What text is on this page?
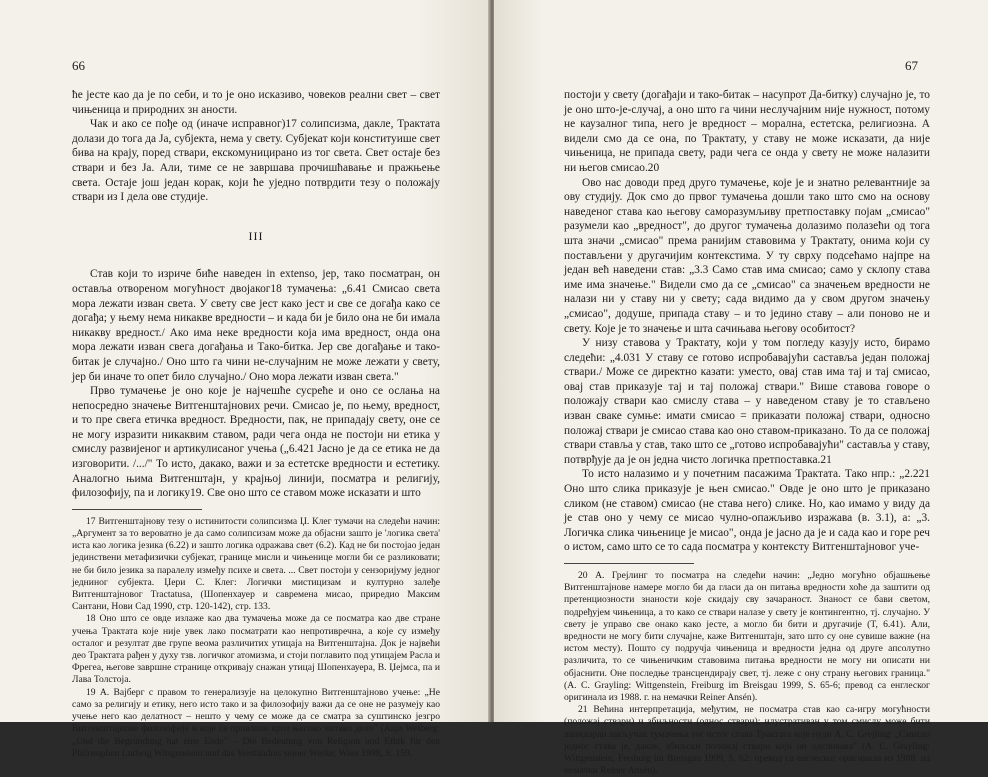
66

ће јесте као да је по себи, и то је оно исказиво, човеков реални свет – свет чињеница и природних зн аности.

Чак и ако се пође од (иначе исправног)17 солипсизма, дакле, Трактата долази до тога да Ја, субјекта, нема у свету. Субјекат који конституише свет бива на крају, поред ствари, екскомуницирано из тог света. Свет остаје без ствари и без Ја. Али, тиме се не завршава прочишћавање и пражњење света. Остаје још један корак, који ће уједно потврдити тезу о положају ствари из I дела ове студије.

III

Став који то изриче биће наведен in extenso, јер, тако посматран, он оставља отвореном могућност двојаког18 тумачења: „6.41 Смисао света мора лежати изван света. У свету све јест како јест и све се догађа како се догађа; у њему нема никакве вредности – и када би је било она не би имала никакву вредност./ Ако има неке вредности која има вредност, онда она мора лежати изван свега догађања и Тако-битка. Јер све догађање и тако-битак је случајно./ Оно што га чини не-случајним не може лежати у свету, јер би иначе то опет било случајно./ Оно мора лежати изван света."

Прво тумачење је оно које је најчешће сусреће и оно се ослања на непосредно значење Витгенштајнових речи. Смисао је, по њему, вредност, и то пре свега етичка вредност. Вредности, пак, не припадају свету, оне се не могу изразити никаквим ставом, ради чега онда не постоји ни етика у смислу развијеног и артикулисаног учења („6.421 Јасно је да се етика не да изговорити. /.../" То исто, дакако, важи и за естетске вредности и естетику. Аналогно њима Витгенштајн, у крајњој линији, посматра и религију, филозофију, па и логику19. Све оно што се ставом може исказати и што

17 Витгенштајнову тезу о истинитости солипсизма Џ. Клег тумачи на следећи начин: „Аргумент за то вероватно је да само солипсизам може да објасни зашто је 'логика света' иста као логика језика (6.22) и зашто логика одражава свет (6.2). Кад не би постојао један јединствени метафизички субјекат, границе мисли и чињенице могли би се разликовати; не би било језика за паралелу између психе и света. ... Свет постоји у сензоријуму једног једниног субјекта. Џери С. Клег: Логички мистицизам и културно залеђе Витгенштајновог Tractatusа, (Шопенхауер и савремена мисао, приредио Максим Сантани, Нови Сад 1990, стр. 120-142), стр. 133.

18 Оно што се овде излаже као два тумачења може да се посматра као две стране учења Трактата које није увек лако посматрати као непротивречна, а које су између осталог и резултат две групе веома различитих утицаја на Витгенштајна. Док је највећи део Трактата рађен у духу тзв. логичког атомизма, и стоји поглавито под утицајем Расла и Фрегеа, његове завршне странице откривају снажан утицај Шопенхауера, В. Џејмса, па и Лава Толстоја.

19 А. Вајберг с правом то генерализује на целокупно Витгенштајново учење: „Не само за религију и етику, него исто тако и за филозофију важи да се оне не разумеју као учење него као делатност – нешто у чему се може да се сматра за суштинско језгро Витгенштајнове филозофије и које се провлачи кроз његово читаво дело" (Anja Weiberg: „Und die Begründung hat eine Ende" – Die Bedeutung von Religion und Ethik für den Philosophen Ludwig Wittgenstein und das Verständnis seiner Werke, Wien 1998, S. 159.

67

постоји у свету (догађаји и тако-битак – насупрот Да-битку) случајно је, то је оно што-је-случај, а оно што га чини неслучајним није нужност, потому не каузалног типа, него је вредност – морална, естетска, религиозна. А видели смо да се она, по Трактату, у ставу не може исказати, да није чињеница, не припада свету, ради чега се онда у свету не може налазити ни његов смисао.20

Ово нас доводи пред друго тумачење, које је и знатно релевантније за ову студију. Док смо до првог тумачења дошли тако што смо на основу наведеног става као његову саморазумљиву претпоставку појам „смисао" разумели као „вредност", до другог тумачења долазимо полазећи од тога шта значи „смисао" према ранијим ставовима у Трактату, онима који су постављени у другачијим контекстима. У ту сврху подсећамо најпре на један већ наведени став: „3.3 Само став има смисао; само у склопу става име има значење." Видели смо да се „смисао" са значењем вредности не налази ни у ставу ни у свету; сада видимо да у свом другом значењу „смисао", додуше, припада ставу – и то једино ставу – али поново не и свету. Које је то значење и шта сачињава његову особитост?

У низу ставова у Трактату, који у том погледу казују исто, бирамо следећи: „4.031 У ставу се готово испробавајући саставља један положај ствари./ Може се директно казати: уместо, овај став има тај и тај смисао, овај став приказује тај и тај положај ствари." Више ставова говоре о положају ствари као смислу става – у наведеном ставу је то стављено изван сваке сумње: имати смисао = приказати положај ствари, односно положај ствари је смисао става као оно ставом-приказано. То да се положај ствари ставља у став, тако што се „готово испробавајући" саставља у ставу, потврђује да је он једна чисто логичка претпоставка.21

То исто налазимо и у почетним пасажима Трактата. Тако нпр.: „2.221 Оно што слика приказује је њен смисао." Овде је оно што је приказано сликом (не ставом) смисао (не става него) слике. Но, као имамо у виду да је став оно у чему се мисао чулно-опажљиво изражава (в. 3.1), а: „3. Логичка слика чињенице је мисао", онда је јасно да је и сада као и горе реч о истом, само што се то сада посматра у контексту Витгенштајновог уче-

20 А. Грејлинг то посматра на следећи начин: „Једно могућно објашњење Витгенштајнове намере могло би да гласи да он питања вредности хоће да заштити од претенциозности знаности које скидају сву зачараност. Знаност се бави светом, подређујем чињеница, а то како се ствари налазе у свету је контингентно, тј. случајно. У свету је управо све онако како јесте, а могло би бити и другачије (T, 6.41). Али, вредности не могу бити случајне, каже Витгенштајн, зато што су оне сувише важне (на истом месту). Пошто су подручја чињеница и вредности једна од друге апсолутно различита, то се чињеничким ставовима питања вредности не могу ни описати ни објаснити. Оне последње трансцендирају свет, тј. леже с ону страну његових граница." (A. C. Grayling: Wittgenstein, Freiburg im Breisgau 1999, S. 65-6; превод са енглеског оригинала из 1988. г. на немачки Reiner Ansén).

21 Већина интерпретација, међутим, не посматра став као са-игру могућности (положај ствари) и збиљности (однос ствари); илустративан у том смислу може бити лапидаран закључак тумачења тог истог става Трактата које нуди А. C. Grejling: „Смисао једног става је, дакле, збиљски положај ствари који он одсликава" (A. C. Grayling: Wittgenstein, Freiburg im Breisgau 1999, S. 62; превод са енглеског оригинала из 1988. на немачки Reiner Ansén).
